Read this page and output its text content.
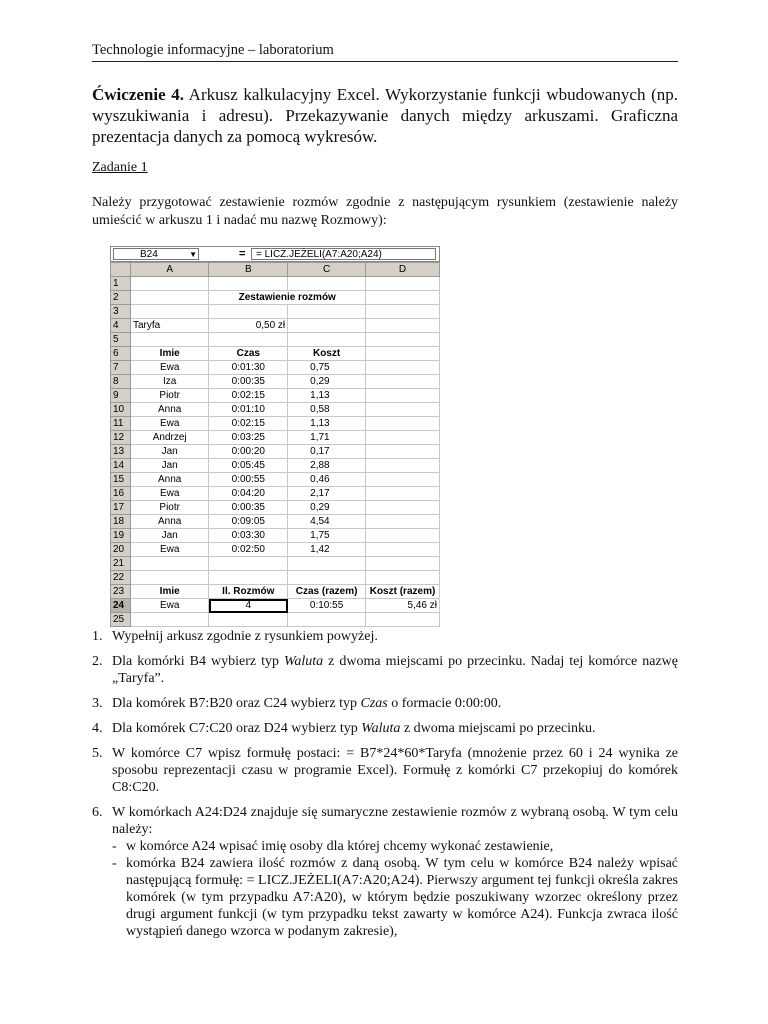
Technologie informacyjne – laboratorium
Ćwiczenie 4. Arkusz kalkulacyjny Excel. Wykorzystanie funkcji wbudowanych (np. wyszukiwania i adresu). Przekazywanie danych między arkuszami. Graficzna prezentacja danych za pomocą wykresów.
Zadanie 1
Należy przygotować zestawienie rozmów zgodnie z następującym rysunkiem (zestawienie należy umieścić w arkuszu 1 i nadać mu nazwę Rozmowy):
B24	▼	=	= LICZ.JEŻELI(A7:A20;A24)
	A	B	C	D
1				
2		Zestawienie rozmów		
3				
4	Taryfa	0,50 zł		
5				
6	Imie	Czas	Koszt	
7	Ewa	0:01:30	0,75	
8	Iza	0:00:35	0,29	
9	Piotr	0:02:15	1,13	
10	Anna	0:01:10	0,58	
11	Ewa	0:02:15	1,13	
12	Andrzej	0:03:25	1,71	
13	Jan	0:00:20	0,17	
14	Jan	0:05:45	2,88	
15	Anna	0:00:55	0,46	
16	Ewa	0:04:20	2,17	
17	Piotr	0:00:35	0,29	
18	Anna	0:09:05	4,54	
19	Jan	0:03:30	1,75	
20	Ewa	0:02:50	1,42	
21				
22				
23	Imie	Il. Rozmów	Czas (razem)	Koszt (razem)
24	Ewa	4	0:10:55	5,46 zł
25				
1. Wypełnij arkusz zgodnie z rysunkiem powyżej.
2. Dla komórki B4 wybierz typ Waluta z dwoma miejscami po przecinku. Nadaj tej komórce nazwę „Taryfa”.
3. Dla komórek B7:B20 oraz C24 wybierz typ Czas o formacie 0:00:00.
4. Dla komórek C7:C20 oraz D24 wybierz typ Waluta z dwoma miejscami po przecinku.
5. W komórce C7 wpisz formułę postaci: = B7*24*60*Taryfa (mnożenie przez 60 i 24 wynika ze sposobu reprezentacji czasu w programie Excel). Formułę z komórki C7 przekopiuj do komórek C8:C20.
6. W komórkach A24:D24 znajduje się sumaryczne zestawienie rozmów z wybraną osobą. W tym celu należy:
- w komórce A24 wpisać imię osoby dla której chcemy wykonać zestawienie,
- komórka B24 zawiera ilość rozmów z daną osobą. W tym celu w komórce B24 należy wpisać następującą formułę: = LICZ.JEŻELI(A7:A20;A24). Pierwszy argument tej funkcji określa zakres komórek (w tym przypadku A7:A20), w którym będzie poszukiwany wzorzec określony przez drugi argument funkcji (w tym przypadku tekst zawarty w komórce A24). Funkcja zwraca ilość wystąpień danego wzorca w podanym zakresie),
